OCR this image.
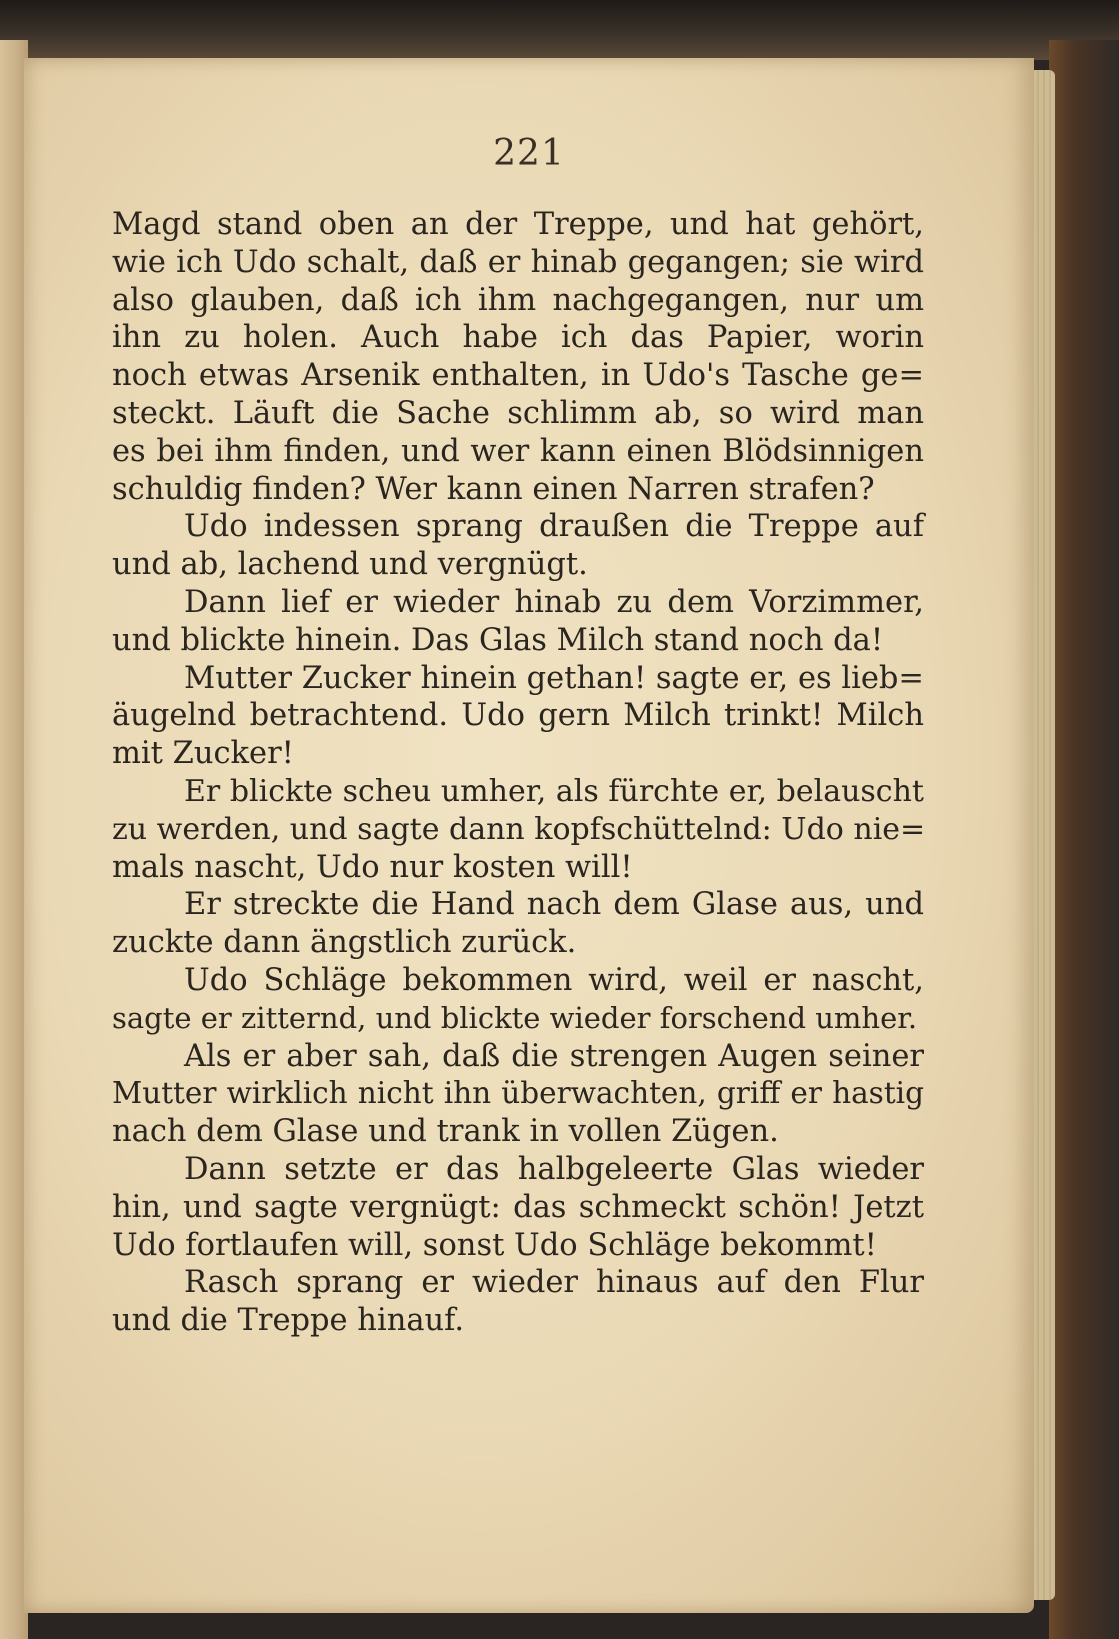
221
Magd stand oben an der Treppe, und hat gehört,
wie ich Udo schalt, daß er hinab gegangen; sie wird
also glauben, daß ich ihm nachgegangen, nur um
ihn zu holen. Auch habe ich das Papier, worin
noch etwas Arsenik enthalten, in Udo's Tasche ge=
steckt. Läuft die Sache schlimm ab, so wird man
es bei ihm finden, und wer kann einen Blödsinnigen
schuldig finden? Wer kann einen Narren strafen?
Udo indessen sprang draußen die Treppe auf
und ab, lachend und vergnügt.
Dann lief er wieder hinab zu dem Vorzimmer,
und blickte hinein. Das Glas Milch stand noch da!
Mutter Zucker hinein gethan! sagte er, es lieb=
äugelnd betrachtend. Udo gern Milch trinkt! Milch
mit Zucker!
Er blickte scheu umher, als fürchte er, belauscht
zu werden, und sagte dann kopfschüttelnd: Udo nie=
mals nascht, Udo nur kosten will!
Er streckte die Hand nach dem Glase aus, und
zuckte dann ängstlich zurück.
Udo Schläge bekommen wird, weil er nascht,
sagte er zitternd, und blickte wieder forschend umher.
Als er aber sah, daß die strengen Augen seiner
Mutter wirklich nicht ihn überwachten, griff er hastig
nach dem Glase und trank in vollen Zügen.
Dann setzte er das halbgeleerte Glas wieder
hin, und sagte vergnügt: das schmeckt schön! Jetzt
Udo fortlaufen will, sonst Udo Schläge bekommt!
Rasch sprang er wieder hinaus auf den Flur
und die Treppe hinauf.
